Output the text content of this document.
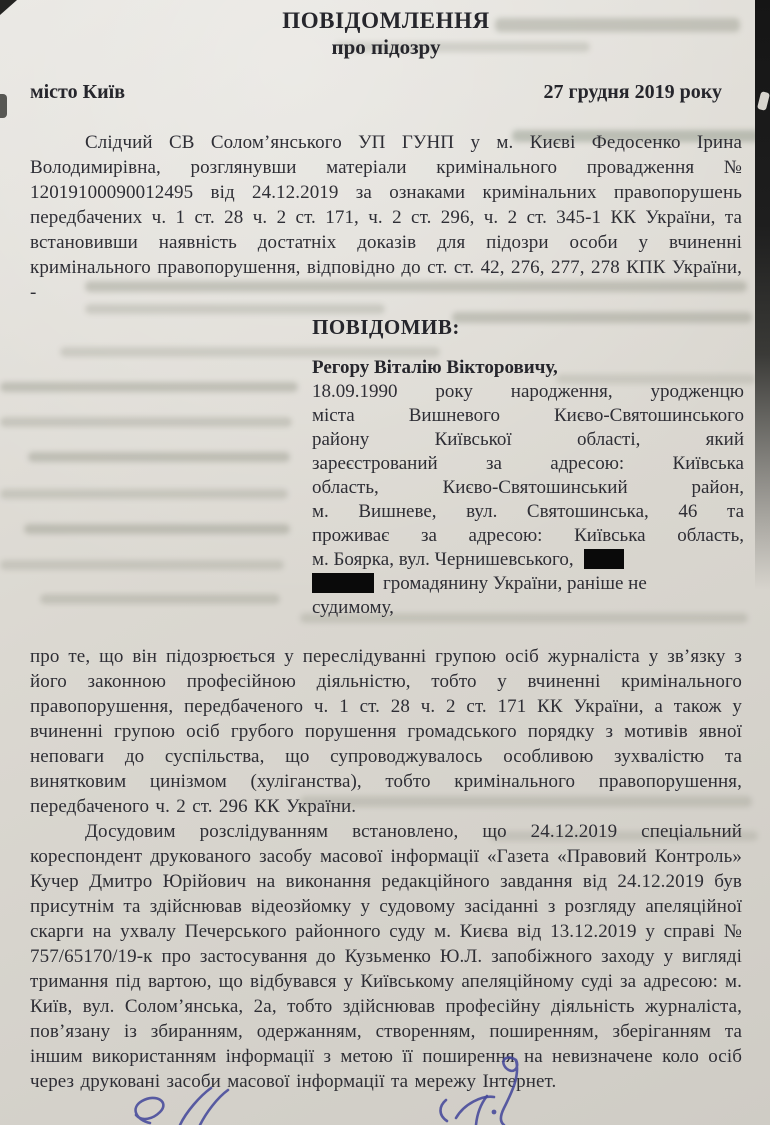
ПОВІДОМЛЕННЯ
про підозру
місто Київ	27 грудня 2019 року

Слідчий СВ Солом’янського УП ГУНП у м. Києві Федосенко Ірина Володимирівна, розглянувши матеріали кримінального провадження № 12019100090012495 від 24.12.2019 за ознаками кримінальних правопорушень передбачених ч. 1 ст. 28 ч. 2 ст. 171, ч. 2 ст. 296, ч. 2 ст. 345-1 КК України, та встановивши наявність достатніх доказів для підозри особи у вчиненні кримінального правопорушення, відповідно до ст. ст. 42, 276, 277, 278 КПК України, -

ПОВІДОМИВ:
Регору Віталію Вікторовичу,
18.09.1990 року народження, уродженцю
міста Вишневого Києво-Святошинського
району Київської області, який
зареєстрований за адресою: Київська
область, Києво-Святошинський район,
м. Вишневе, вул. Святошинська, 46 та
проживає за адресою: Київська область,
м. Боярка, вул. Чернишевського,
громадянину України, раніше не
судимому,

про те, що він підозрюється у переслідуванні групою осіб журналіста у зв’язку з його законною професійною діяльністю, тобто у вчиненні кримінального правопорушення, передбаченого ч. 1 ст. 28 ч. 2 ст. 171 КК України, а також у вчиненні групою осіб грубого порушення громадського порядку з мотивів явної неповаги до суспільства, що супроводжувалось особливою зухвалістю та винятковим цинізмом (хуліганства), тобто кримінального правопорушення, передбаченого ч. 2 ст. 296 КК України.

Досудовим розслідуванням встановлено, що 24.12.2019 спеціальний кореспондент друкованого засобу масової інформації «Газета «Правовий Контроль» Кучер Дмитро Юрійович на виконання редакційного завдання від 24.12.2019 був присутнім та здійснював відеозйомку у судовому засіданні з розгляду апеляційної скарги на ухвалу Печерського районного суду м. Києва від 13.12.2019 у справі № 757/65170/19-к про застосування до Кузьменко Ю.Л. запобіжного заходу у вигляді тримання під вартою, що відбувався у Київському апеляційному суді за адресою: м. Київ, вул. Солом’янська, 2а, тобто здійснював професійну діяльність журналіста, пов’язану із збиранням, одержанням, створенням, поширенням, зберіганням та іншим використанням інформації з метою її поширення на невизначене коло осіб через друковані засоби масової інформації та мережу Інтернет.
